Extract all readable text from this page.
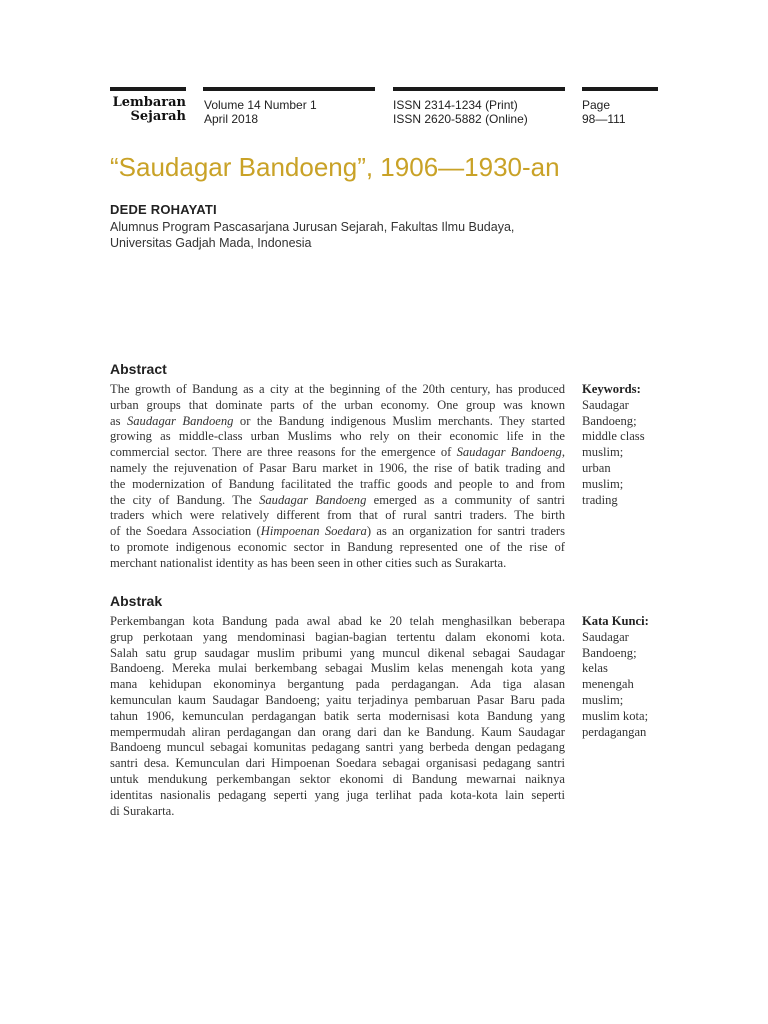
Lembaran
Sejarah
Volume 14 Number 1
April 2018
ISSN 2314-1234 (Print)
ISSN 2620-5882 (Online)
Page
98—111
“Saudagar Bandoeng”, 1906—1930-an
DEDE ROHAYATI
Alumnus Program Pascasarjana Jurusan Sejarah, Fakultas Ilmu Budaya,
Universitas Gadjah Mada, Indonesia
Abstract
The growth of Bandung as a city at the beginning of the 20th century, has produced
urban groups that dominate parts of the urban economy. One group was known
as Saudagar Bandoeng or the Bandung indigenous Muslim merchants. They started
growing as middle-class urban Muslims who rely on their economic life in the
commercial sector. There are three reasons for the emergence of Saudagar Bandoeng,
namely the rejuvenation of Pasar Baru market in 1906, the rise of batik trading and
the modernization of Bandung facilitated the traffic goods and people to and from
the city of Bandung. The Saudagar Bandoeng emerged as a community of santri
traders which were relatively different from that of rural santri traders. The birth
of the Soedara Association (Himpoenan Soedara) as an organization for santri traders
to promote indigenous economic sector in Bandung represented one of the rise of
merchant nationalist identity as has been seen in other cities such as Surakarta.
Keywords:
Saudagar
Bandoeng;
middle class
muslim;
urban
muslim;
trading
Abstrak
Perkembangan kota Bandung pada awal abad ke 20 telah menghasilkan beberapa
grup perkotaan yang mendominasi bagian-bagian tertentu dalam ekonomi kota.
Salah satu grup saudagar muslim pribumi yang muncul dikenal sebagai Saudagar
Bandoeng. Mereka mulai berkembang sebagai Muslim kelas menengah kota yang
mana kehidupan ekonominya bergantung pada perdagangan. Ada tiga alasan
kemunculan kaum Saudagar Bandoeng; yaitu terjadinya pembaruan Pasar Baru pada
tahun 1906, kemunculan perdagangan batik serta modernisasi kota Bandung yang
mempermudah aliran perdagangan dan orang dari dan ke Bandung. Kaum Saudagar
Bandoeng muncul sebagai komunitas pedagang santri yang berbeda dengan pedagang
santri desa. Kemunculan dari Himpoenan Soedara sebagai organisasi pedagang santri
untuk mendukung perkembangan sektor ekonomi di Bandung mewarnai naiknya
identitas nasionalis pedagang seperti yang juga terlihat pada kota-kota lain seperti
di Surakarta.
Kata Kunci:
Saudagar
Bandoeng;
kelas
menengah
muslim;
muslim kota;
perdagangan
